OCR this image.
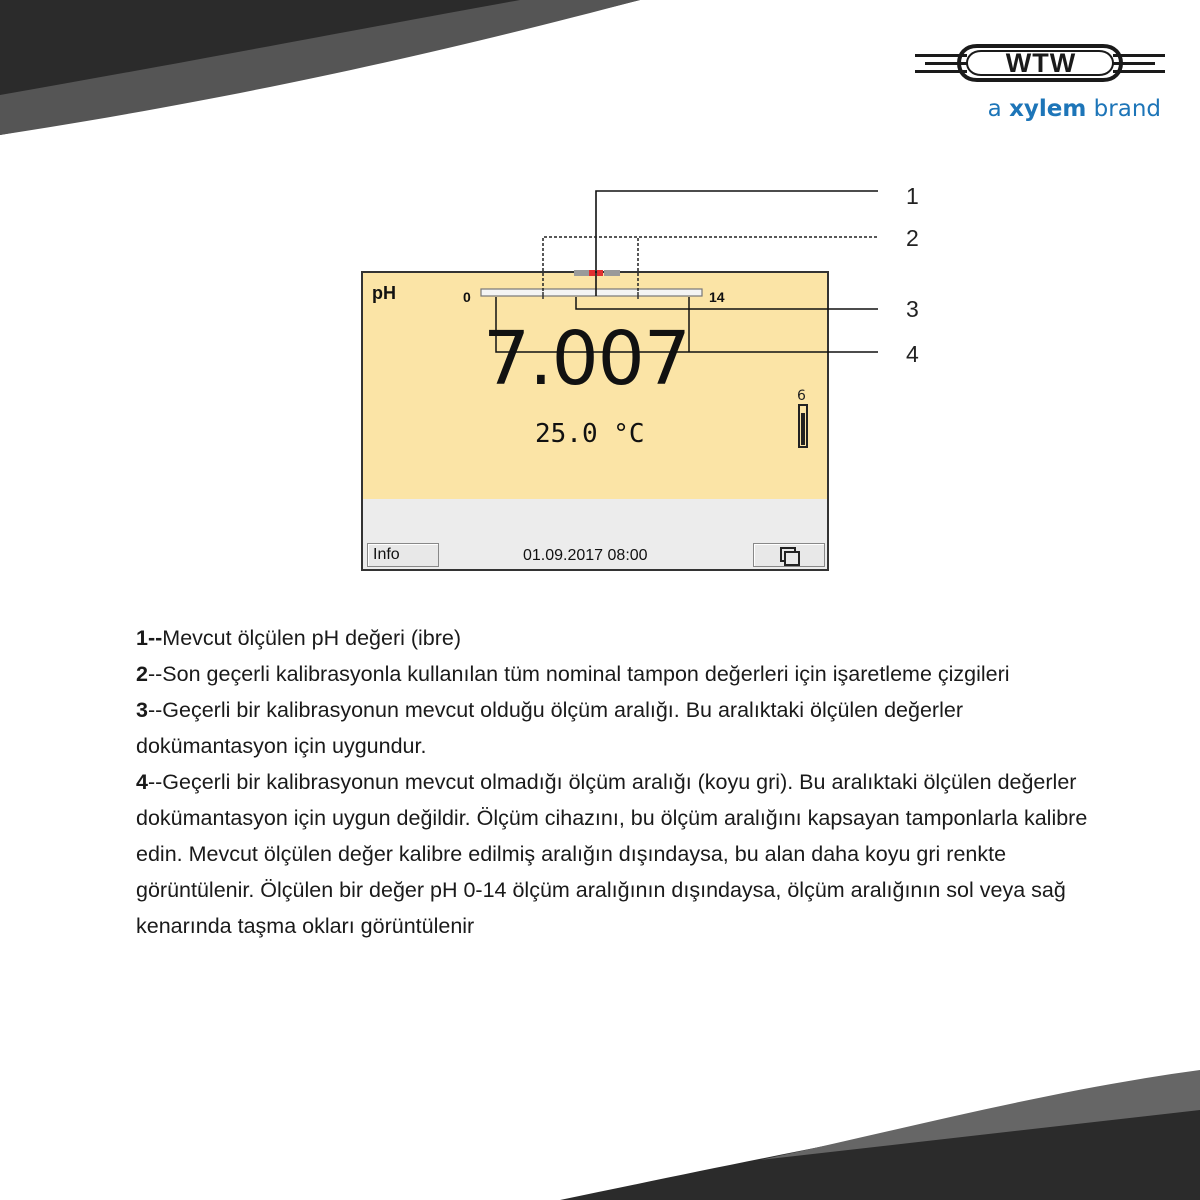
WTW
a xylem brand
pH	0	14
7.007
25.0 °C
6
Info	01.09.2017 08:00
1
2
3
4

1--Mevcut ölçülen pH değeri (ibre)

2--Son geçerli kalibrasyonla kullanılan tüm nominal tampon değerleri için işaretleme çizgileri

3--Geçerli bir kalibrasyonun mevcut olduğu ölçüm aralığı. Bu aralıktaki ölçülen değerler dokümantasyon için uygundur.

4--Geçerli bir kalibrasyonun mevcut olmadığı ölçüm aralığı (koyu gri). Bu aralıktaki ölçülen değerler dokümantasyon için uygun değildir. Ölçüm cihazını, bu ölçüm aralığını kapsayan tamponlarla kalibre edin. Mevcut ölçülen değer kalibre edilmiş aralığın dışındaysa, bu alan daha koyu gri renkte görüntülenir. Ölçülen bir değer pH 0-14 ölçüm aralığının dışındaysa, ölçüm aralığının sol veya sağ kenarında taşma okları görüntülenir
